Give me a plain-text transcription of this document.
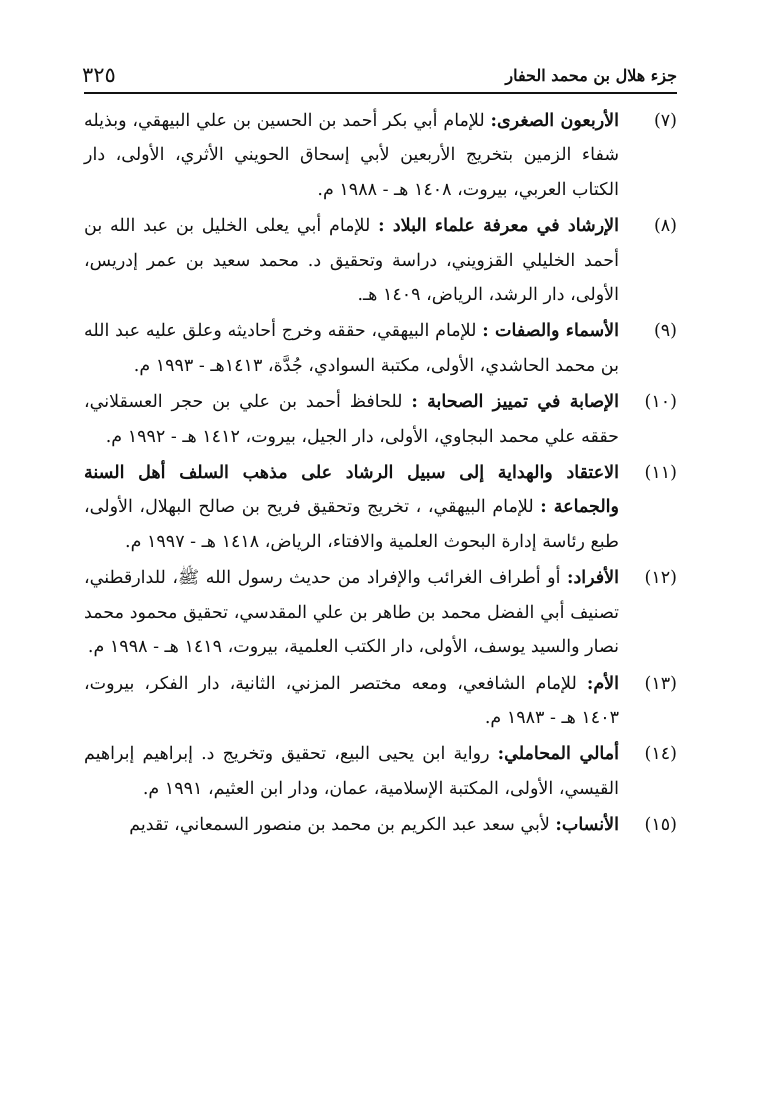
٣٢٥	جزء هلال بن محمد الحفار
(٧)
الأربعون الصغرى: للإمام أبي بكر أحمد بن الحسين بن علي البيهقي، وبذيله شفاء الزمين بتخريج الأربعين لأبي إسحاق الحويني الأثري، الأولى، دار الكتاب العربي، بيروت، ١٤٠٨ هـ - ١٩٨٨ م.
(٨)
الإرشاد في معرفة علماء البلاد : للإمام أبي يعلى الخليل بن عبد الله بن أحمد الخليلي القزويني، دراسة وتحقيق د. محمد سعيد بن عمر إدريس، الأولى، دار الرشد، الرياض، ١٤٠٩ هـ.
(٩)
الأسماء والصفات : للإمام البيهقي، حققه وخرج أحاديثه وعلق عليه عبد الله بن محمد الحاشدي، الأولى، مكتبة السوادي، جُدَّة، ١٤١٣هـ - ١٩٩٣ م.
(١٠)
الإصابة في تمييز الصحابة : للحافظ أحمد بن علي بن حجر العسقلاني، حققه علي محمد البجاوي، الأولى، دار الجيل، بيروت، ١٤١٢ هـ - ١٩٩٢ م.
(١١)
الاعتقاد والهداية إلى سبيل الرشاد على مذهب السلف أهل السنة والجماعة : للإمام البيهقي، ، تخريج وتحقيق فريح بن صالح البهلال، الأولى، طبع رئاسة إدارة البحوث العلمية والافتاء، الرياض، ١٤١٨ هـ - ١٩٩٧ م.
(١٢)
الأفراد: أو أطراف الغرائب والإفراد من حديث رسول الله ﷺ، للدارقطني، تصنيف أبي الفضل محمد بن طاهر بن علي المقدسي، تحقيق محمود محمد نصار والسيد يوسف، الأولى، دار الكتب العلمية، بيروت، ١٤١٩ هـ - ١٩٩٨ م.
(١٣)
الأم: للإمام الشافعي، ومعه مختصر المزني، الثانية، دار الفكر، بيروت، ١٤٠٣ هـ - ١٩٨٣ م.
(١٤)
أمالي المحاملي: رواية ابن يحيى البيع، تحقيق وتخريج د. إبراهيم إبراهيم القيسي، الأولى، المكتبة الإسلامية، عمان، ودار ابن العثيم، ١٩٩١ م.
(١٥)
الأنساب: لأبي سعد عبد الكريم بن محمد بن منصور السمعاني، تقديم
